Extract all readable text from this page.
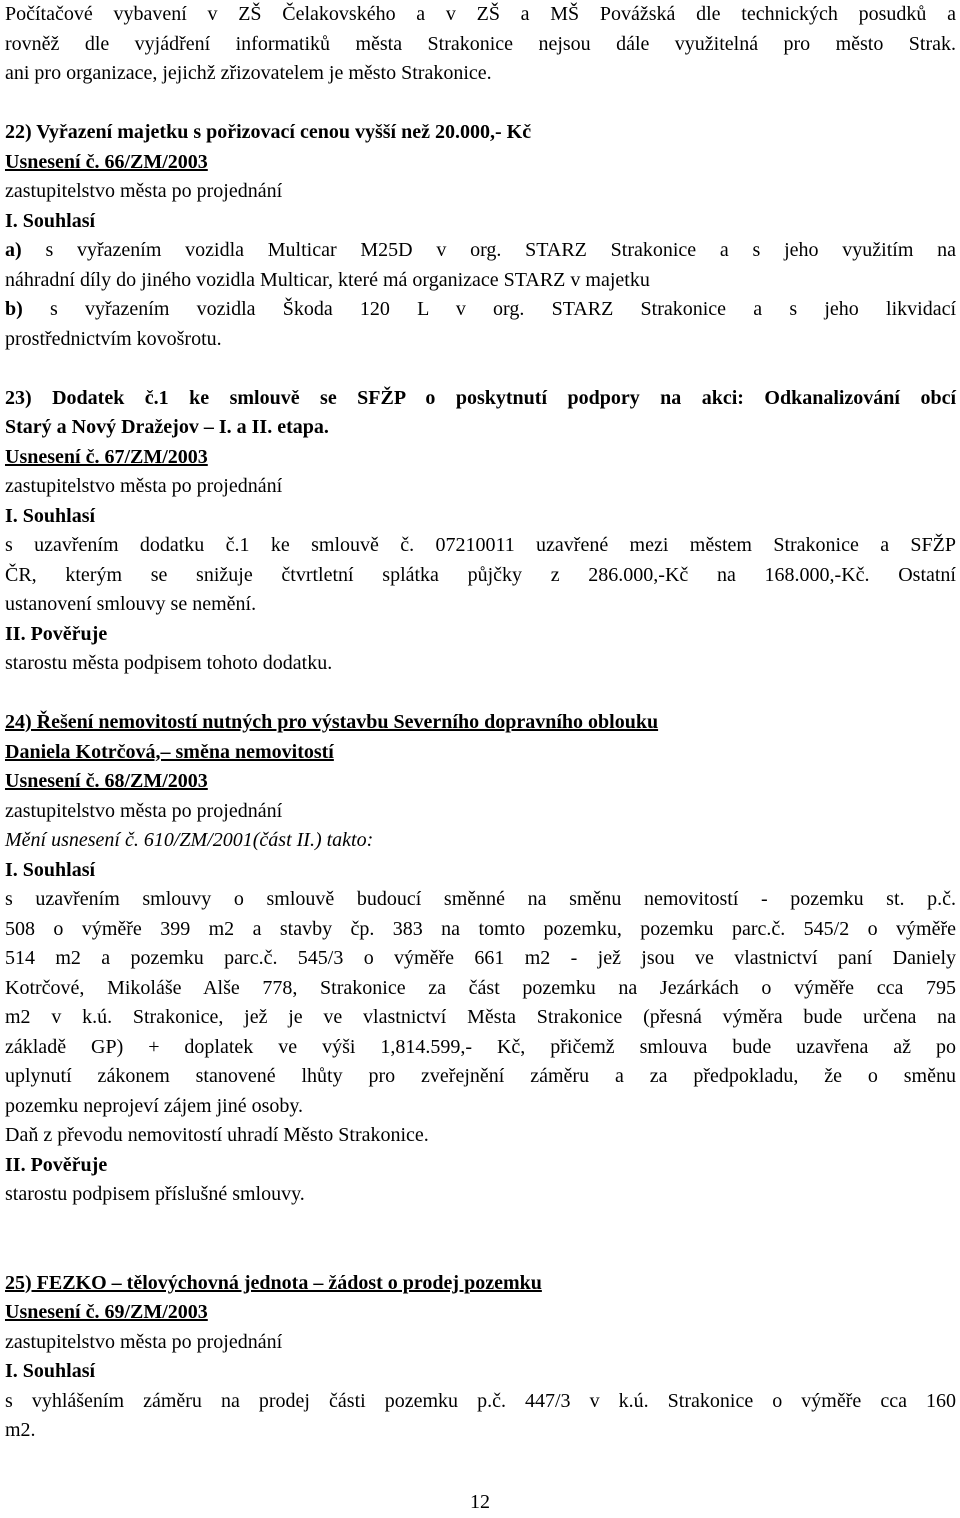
Počítačové vybavení v ZŠ Čelakovského a v ZŠ a MŠ Povážská dle technických posudků a
rovněž dle vyjádření informatiků města Strakonice nejsou dále využitelná pro město Strak.
ani pro organizace, jejichž zřizovatelem je město Strakonice.
22) Vyřazení majetku s pořizovací cenou vyšší než 20.000,- Kč
Usnesení č. 66/ZM/2003
zastupitelstvo města po projednání
I. Souhlasí
a) s vyřazením vozidla Multicar M25D v org. STARZ Strakonice a s jeho využitím na
náhradní díly do jiného vozidla Multicar, které má organizace STARZ v majetku
b) s vyřazením vozidla Škoda 120 L v org. STARZ Strakonice a s jeho likvidací
prostřednictvím kovošrotu.
23) Dodatek č.1 ke smlouvě se SFŽP o poskytnutí podpory na akci: Odkanalizování obcí
Starý a Nový Dražejov – I. a II. etapa.
Usnesení č. 67/ZM/2003
zastupitelstvo města po projednání
I. Souhlasí
s uzavřením dodatku č.1 ke smlouvě č. 07210011 uzavřené mezi městem Strakonice a SFŽP
ČR, kterým se snižuje čtvrtletní splátka půjčky z 286.000,-Kč na 168.000,-Kč. Ostatní
ustanovení smlouvy se nemění.
II. Pověřuje
starostu města podpisem tohoto dodatku.
24) Řešení nemovitostí nutných pro výstavbu Severního dopravního oblouku
Daniela Kotrčová,– směna nemovitostí
Usnesení č. 68/ZM/2003
zastupitelstvo města po projednání
Mění usnesení č. 610/ZM/2001(část II.) takto:
I. Souhlasí
s uzavřením smlouvy o smlouvě budoucí směnné na směnu nemovitostí - pozemku st. p.č.
508 o výměře 399 m2 a stavby čp. 383 na tomto pozemku, pozemku parc.č. 545/2 o výměře
514 m2 a pozemku parc.č. 545/3 o výměře 661 m2 - jež jsou ve vlastnictví paní Daniely
Kotrčové, Mikoláše Alše 778, Strakonice za část pozemku na Jezárkách o výměře cca 795
m2 v k.ú. Strakonice, jež je ve vlastnictví Města Strakonice (přesná výměra bude určena na
základě GP) + doplatek ve výši 1,814.599,- Kč, přičemž smlouva bude uzavřena až po
uplynutí zákonem stanovené lhůty pro zveřejnění záměru a za předpokladu, že o směnu
pozemku neprojeví zájem jiné osoby.
Daň z převodu nemovitostí uhradí Město Strakonice.
II. Pověřuje
starostu podpisem příslušné smlouvy.
25) FEZKO – tělovýchovná jednota – žádost o prodej pozemku
Usnesení č. 69/ZM/2003
zastupitelstvo města po projednání
I. Souhlasí
s vyhlášením záměru na prodej části pozemku p.č. 447/3 v k.ú. Strakonice o výměře cca 160
m2.
12
